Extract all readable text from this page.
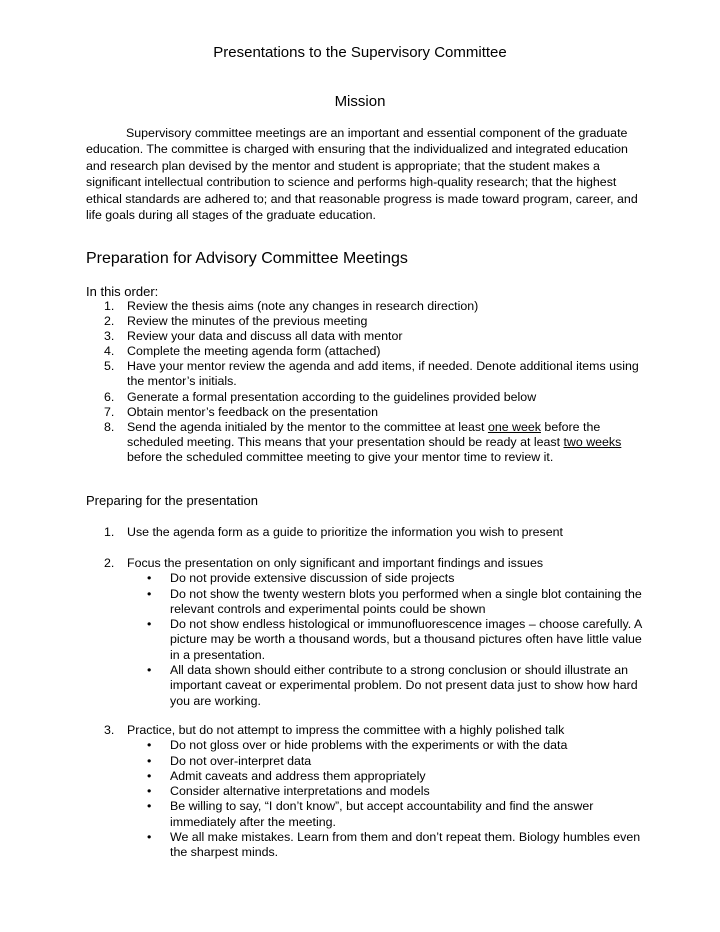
Presentations to the Supervisory Committee
Mission
Supervisory committee meetings are an important and essential component of the graduate education. The committee is charged with ensuring that the individualized and integrated education and research plan devised by the mentor and student is appropriate; that the student makes a significant intellectual contribution to science and performs high-quality research; that the highest ethical standards are adhered to; and that reasonable progress is made toward program, career, and life goals during all stages of the graduate education.
Preparation for Advisory Committee Meetings
In this order:
1. Review the thesis aims (note any changes in research direction)
2. Review the minutes of the previous meeting
3. Review your data and discuss all data with mentor
4. Complete the meeting agenda form (attached)
5. Have your mentor review the agenda and add items, if needed. Denote additional items using the mentor’s initials.
6. Generate a formal presentation according to the guidelines provided below
7. Obtain mentor’s feedback on the presentation
8. Send the agenda initialed by the mentor to the committee at least one week before the scheduled meeting. This means that your presentation should be ready at least two weeks before the scheduled committee meeting to give your mentor time to review it.
Preparing for the presentation
1. Use the agenda form as a guide to prioritize the information you wish to present
2. Focus the presentation on only significant and important findings and issues
• Do not provide extensive discussion of side projects
• Do not show the twenty western blots you performed when a single blot containing the relevant controls and experimental points could be shown
• Do not show endless histological or immunofluorescence images – choose carefully. A picture may be worth a thousand words, but a thousand pictures often have little value in a presentation.
• All data shown should either contribute to a strong conclusion or should illustrate an important caveat or experimental problem. Do not present data just to show how hard you are working.
3. Practice, but do not attempt to impress the committee with a highly polished talk
• Do not gloss over or hide problems with the experiments or with the data
• Do not over-interpret data
• Admit caveats and address them appropriately
• Consider alternative interpretations and models
• Be willing to say, “I don’t know”, but accept accountability and find the answer immediately after the meeting.
• We all make mistakes. Learn from them and don’t repeat them. Biology humbles even the sharpest minds.
